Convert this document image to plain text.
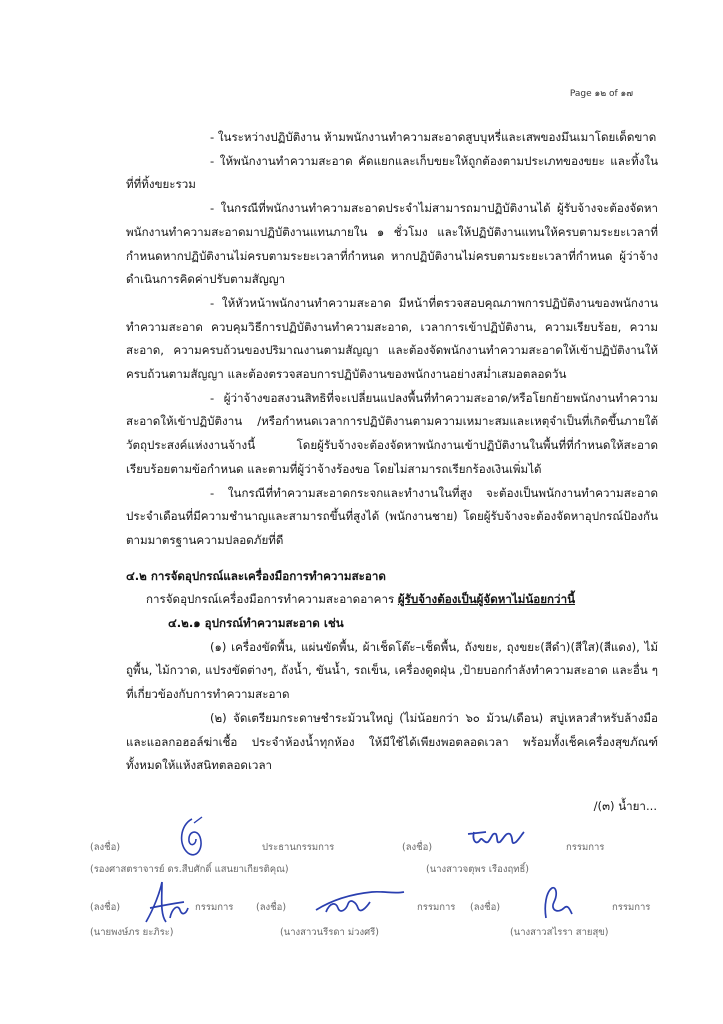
Page ๑๒ of ๑๗

- ในระหว่างปฏิบัติงาน ห้ามพนักงานทำความสะอาดสูบบุหรี่และเสพของมึนเมาโดยเด็ดขาด

- ให้พนักงานทำความสะอาด คัดแยกและเก็บขยะให้ถูกต้องตามประเภทของขยะ และทิ้งในที่ที่ทิ้งขยะรวม

- ในกรณีที่พนักงานทำความสะอาดประจำไม่สามารถมาปฏิบัติงานได้ ผู้รับจ้างจะต้องจัดหาพนักงานทำความสะอาดมาปฏิบัติงานแทนภายใน ๑ ชั่วโมง และให้ปฏิบัติงานแทนให้ครบตามระยะเวลาที่กำหนดหากปฏิบัติงานไม่ครบตามระยะเวลาที่กำหนด หากปฏิบัติงานไม่ครบตามระยะเวลาที่กำหนด ผู้ว่าจ้างดำเนินการคิดค่าปรับตามสัญญา

- ให้หัวหน้าพนักงานทำความสะอาด มีหน้าที่ตรวจสอบคุณภาพการปฏิบัติงานของพนักงานทำความสะอาด ควบคุมวิธีการปฏิบัติงานทำความสะอาด, เวลาการเข้าปฏิบัติงาน, ความเรียบร้อย, ความสะอาด, ความครบถ้วนของปริมาณงานตามสัญญา และต้องจัดพนักงานทำความสะอาดให้เข้าปฏิบัติงานให้ครบถ้วนตามสัญญา และต้องตรวจสอบการปฏิบัติงานของพนักงานอย่างสม่ำเสมอตลอดวัน

- ผู้ว่าจ้างขอสงวนสิทธิที่จะเปลี่ยนแปลงพื้นที่ทำความสะอาด/หรือโยกย้ายพนักงานทำความสะอาดให้เข้าปฏิบัติงาน /หรือกำหนดเวลาการปฏิบัติงานตามความเหมาะสมและเหตุจำเป็นที่เกิดขึ้นภายใต้วัตถุประสงค์แห่งงานจ้างนี้ โดยผู้รับจ้างจะต้องจัดหาพนักงานเข้าปฏิบัติงานในพื้นที่ที่กำหนดให้สะอาดเรียบร้อยตามข้อกำหนด และตามที่ผู้ว่าจ้างร้องขอ โดยไม่สามารถเรียกร้องเงินเพิ่มได้

- ในกรณีที่ทำความสะอาดกระจกและทำงานในที่สูง จะต้องเป็นพนักงานทำความสะอาดประจำเดือนที่มีความชำนาญและสามารถขึ้นที่สูงได้ (พนักงานชาย) โดยผู้รับจ้างจะต้องจัดหาอุปกรณ์ป้องกันตามมาตรฐานความปลอดภัยที่ดี

๔.๒ การจัดอุปกรณ์และเครื่องมือการทำความสะอาด

การจัดอุปกรณ์เครื่องมือการทำความสะอาดอาคาร ผู้รับจ้างต้องเป็นผู้จัดหาไม่น้อยกว่านี้

๔.๒.๑ อุปกรณ์ทำความสะอาด เช่น

(๑) เครื่องขัดพื้น, แผ่นขัดพื้น, ผ้าเช็ดโต๊ะ–เช็ดพื้น, ถังขยะ, ถุงขยะ(สีดำ)(สีใส)(สีแดง), ไม้ถูพื้น, ไม้กวาด, แปรงขัดต่างๆ, ถังน้ำ, ขันน้ำ, รถเข็น, เครื่องดูดฝุ่น ,ป้ายบอกกำลังทำความสะอาด และอื่น ๆ ที่เกี่ยวข้องกับการทำความสะอาด

(๒) จัดเตรียมกระดาษชำระม้วนใหญ่ (ไม่น้อยกว่า ๖๐ ม้วน/เดือน) สบู่เหลวสำหรับล้างมือ และแอลกอฮอล์ฆ่าเชื้อ ประจำห้องน้ำทุกห้อง ให้มีใช้ได้เพียงพอตลอดเวลา พร้อมทั้งเช็คเครื่องสุขภัณฑ์ทั้งหมดให้แห้งสนิทตลอดเวลา

/(๓) น้ำยา...
(ลงชื่อ)	ประธานกรรมการ
(รองศาสตราจารย์ ดร.สืบศักดิ์ แสนยาเกียรติคุณ)
(ลงชื่อ)	กรรมการ
(นางสาวจตุพร เรืองฤทธิ์)
(ลงชื่อ)	กรรมการ
(นายพงษ์ภร ยะภิระ)
(ลงชื่อ)	กรรมการ
(นางสาวนรีรดา ม่วงศรี)
(ลงชื่อ)	กรรมการ
(นางสาวสไรรา สายสุข)
